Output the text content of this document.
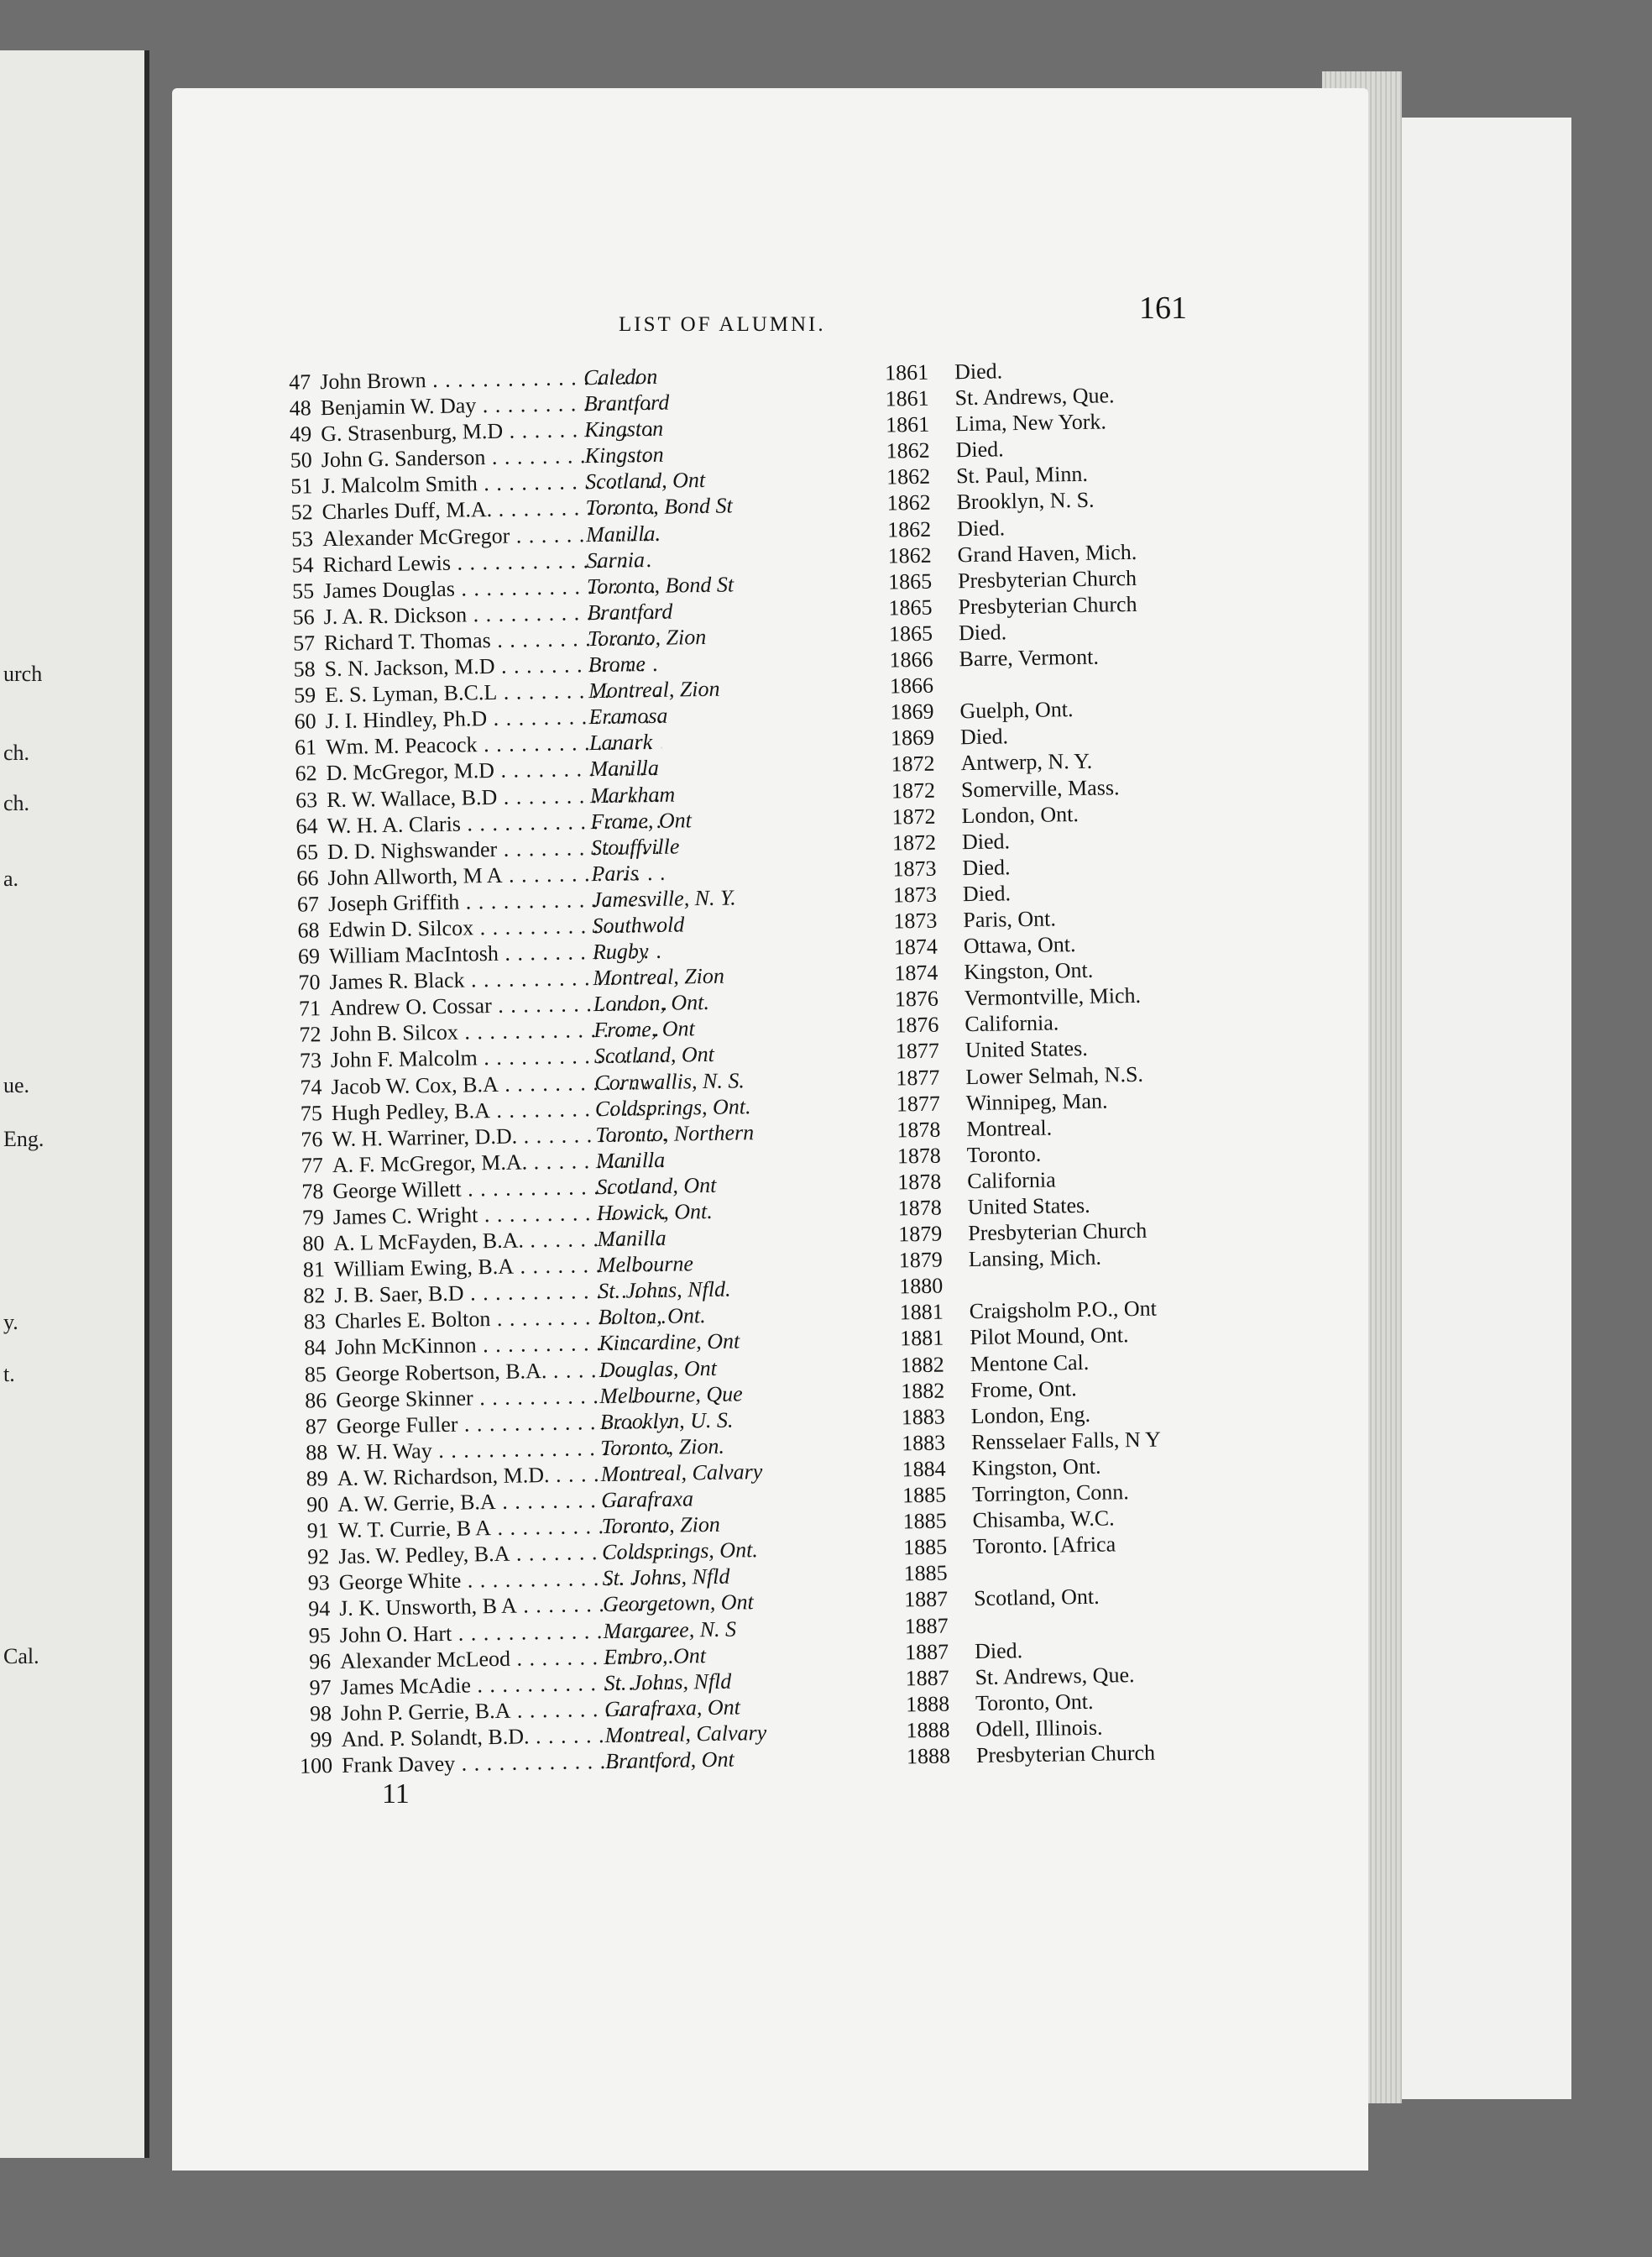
urch
ch.
ch.
a.
ue.
Eng.
y.
t.
Cal.
LIST OF ALUMNI.	161
47 John Brown . . .	Caledon	1861 Died.
48 Benjamin W. Day . . .	Brantford	1861 St. Andrews, Que.
49 G. Strasenburg, M.D . . .	Kingston	1861 Lima, New York.
50 John G. Sanderson . . .	Kingston	1862 Died.
51 J. Malcolm Smith . . .	Scotland, Ont	1862 St. Paul, Minn.
52 Charles Duff, M.A. . . .	Toronto, Bond St	1862 Brooklyn, N. S.
53 Alexander McGregor . . .	Manilla.	1862 Died.
54 Richard Lewis . . .	Sarnia	1862 Grand Haven, Mich.
55 James Douglas . . .	Toronto, Bond St	1865 Presbyterian Church
56 J. A. R. Dickson . . .	Brantford	1865 Presbyterian Church
57 Richard T. Thomas . . .	Toronto, Zion	1865 Died.
58 S. N. Jackson, M.D . . .	Brome	1866 Barre, Vermont.
59 E. S. Lyman, B.C.L . . .	Montreal, Zion	1866
60 J. I. Hindley, Ph.D . . .	Eramosa	1869 Guelph, Ont.
61 Wm. M. Peacock . . .	Lanark	1869 Died.
62 D. McGregor, M.D . . .	Manilla	1872 Antwerp, N. Y.
63 R. W. Wallace, B.D . . .	Markham	1872 Somerville, Mass.
64 W. H. A. Claris . . .	Frome, Ont	1872 London, Ont.
65 D. D. Nighswander . . .	Stouffville	1872 Died.
66 John Allworth, M A . . .	Paris	1873 Died.
67 Joseph Griffith . . .	Jamesville, N. Y.	1873 Died.
68 Edwin D. Silcox . . .	Southwold	1873 Paris, Ont.
69 William MacIntosh . . .	Rugby	1874 Ottawa, Ont.
70 James R. Black . . .	Montreal, Zion	1874 Kingston, Ont.
71 Andrew O. Cossar . . .	London, Ont.	1876 Vermontville, Mich.
72 John B. Silcox . . .	Frome, Ont	1876 California.
73 John F. Malcolm . . .	Scotland, Ont	1877 United States.
74 Jacob W. Cox, B.A . . .	Cornwallis, N. S.	1877 Lower Selmah, N.S.
75 Hugh Pedley, B.A . . .	Coldsprings, Ont.	1877 Winnipeg, Man.
76 W. H. Warriner, D.D. . . .	Toronto, Northern	1878 Montreal.
77 A. F. McGregor, M.A. . . .	Manilla	1878 Toronto.
78 George Willett . . .	Scotland, Ont	1878 California
79 James C. Wright . . .	Howick, Ont.	1878 United States.
80 A. L McFayden, B.A. . . .	Manilla	1879 Presbyterian Church
81 William Ewing, B.A . . .	Melbourne	1879 Lansing, Mich.
82 J. B. Saer, B.D . . .	St. Johns, Nfld.	1880
83 Charles E. Bolton . . .	Bolton, Ont.	1881 Craigsholm P.O., Ont
84 John McKinnon . . .	Kincardine, Ont	1881 Pilot Mound, Ont.
85 George Robertson, B.A. . . .	Douglas, Ont	1882 Mentone Cal.
86 George Skinner . . .	Melbourne, Que	1882 Frome, Ont.
87 George Fuller . . .	Brooklyn, U. S.	1883 London, Eng.
88 W. H. Way . . .	Toronto, Zion.	1883 Rensselaer Falls, N Y
89 A. W. Richardson, M.D. . . .	Montreal, Calvary	1884 Kingston, Ont.
90 A. W. Gerrie, B.A . . .	Garafraxa	1885 Torrington, Conn.
91 W. T. Currie, B A . . .	Toronto, Zion	1885 Chisamba, W.C.
92 Jas. W. Pedley, B.A . . .	Coldsprings, Ont.	1885 Toronto. [Africa
93 George White . . .	St. Johns, Nfld	1885
94 J. K. Unsworth, B A . . .	Georgetown, Ont	1887 Scotland, Ont.
95 John O. Hart . . .	Margaree, N. S	1887
96 Alexander McLeod . . .	Embro, Ont	1887 Died.
97 James McAdie . . .	St. Johns, Nfld	1887 St. Andrews, Que.
98 John P. Gerrie, B.A . . .	Garafraxa, Ont	1888 Toronto, Ont.
99 And. P. Solandt, B.D. . . .	Montreal, Calvary	1888 Odell, Illinois.
100 Frank Davey . . .	Brantford, Ont	1888 Presbyterian Church
11
